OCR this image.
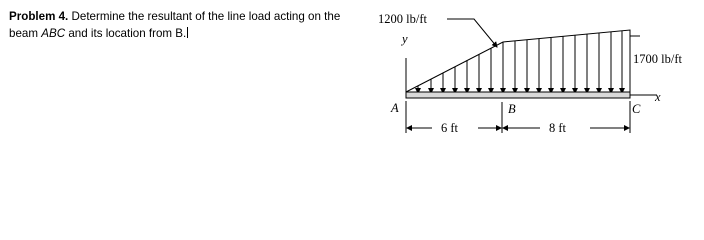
Problem 4. Determine the resultant of the line load acting on the beam ABC and its location from B.	y
1200 lb/ft
1700 lb/ft
x
A	B	C
6 ft	8 ft
